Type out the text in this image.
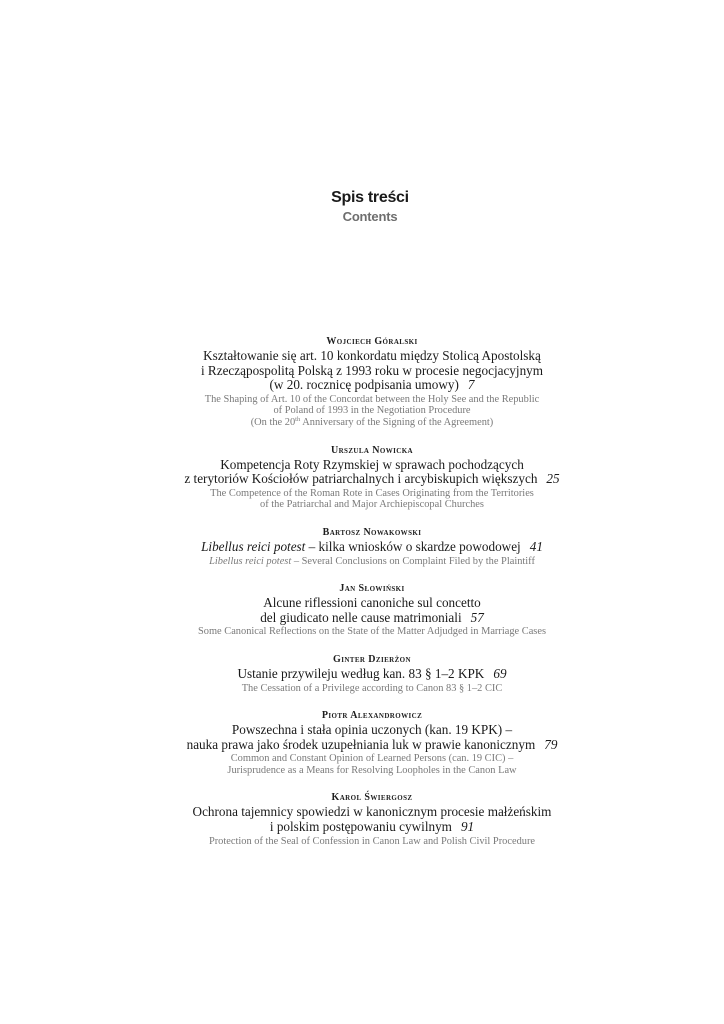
Spis treści
Contents
Wojciech Góralski
Kształtowanie się art. 10 konkordatu między Stolicą Apostolską
i Rzecząpospolitą Polską z 1993 roku w procesie negocjacyjnym
(w 20. rocznicę podpisania umowy) 7
The Shaping of Art. 10 of the Concordat between the Holy See and the Republic
of Poland of 1993 in the Negotiation Procedure
(On the 20th Anniversary of the Signing of the Agreement)
Urszula Nowicka
Kompetencja Roty Rzymskiej w sprawach pochodzących
z terytoriów Kościołów patriarchalnych i arcybiskupich większych 25
The Competence of the Roman Rote in Cases Originating from the Territories
of the Patriarchal and Major Archiepiscopal Churches
Bartosz Nowakowski
Libellus reici potest – kilka wniosków o skardze powodowej 41
Libellus reici potest – Several Conclusions on Complaint Filed by the Plaintiff
Jan Słowiński
Alcune riflessioni canoniche sul concetto
del giudicato nelle cause matrimoniali 57
Some Canonical Reflections on the State of the Matter Adjudged in Marriage Cases
Ginter Dzierżon
Ustanie przywileju według kan. 83 § 1–2 KPK 69
The Cessation of a Privilege according to Canon 83 § 1–2 CIC
Piotr Alexandrowicz
Powszechna i stała opinia uczonych (kan. 19 KPK) –
nauka prawa jako środek uzupełniania luk w prawie kanonicznym 79
Common and Constant Opinion of Learned Persons (can. 19 CIC) –
Jurisprudence as a Means for Resolving Loopholes in the Canon Law
Karol Świergosz
Ochrona tajemnicy spowiedzi w kanonicznym procesie małżeńskim
i polskim postępowaniu cywilnym 91
Protection of the Seal of Confession in Canon Law and Polish Civil Procedure
